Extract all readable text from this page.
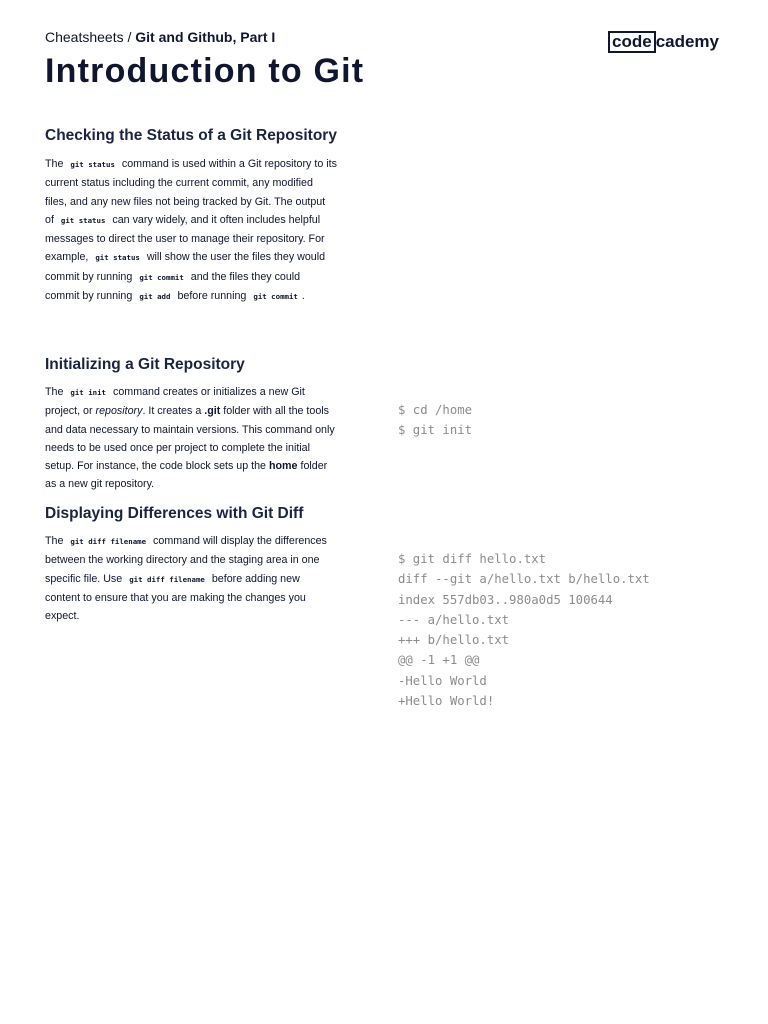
Cheatsheets / Git and Github, Part I	code cademy
Introduction to Git
Checking the Status of a Git Repository

The git status command is used within a Git repository to its current status including the current commit, any modified files, and any new files not being tracked by Git. The output of git status can vary widely, and it often includes helpful messages to direct the user to manage their repository. For example, git status will show the user the files they would commit by running git commit and the files they could commit by running git add before running git commit .

Initializing a Git Repository

The git init command creates or initializes a new Git project, or repository. It creates a .git folder with all the tools and data necessary to maintain versions. This command only needs to be used once per project to complete the initial setup. For instance, the code block sets up the home folder as a new git repository.

$ cd /home
$ git init
Displaying Differences with Git Diff

The git diff filename command will display the differences between the working directory and the staging area in one specific file. Use git diff filename before adding new content to ensure that you are making the changes you expect.

$ git diff hello.txt
diff --git a/hello.txt b/hello.txt
index 557db03..980a0d5 100644
--- a/hello.txt
+++ b/hello.txt
@@ -1 +1 @@
-Hello World
+Hello World!
